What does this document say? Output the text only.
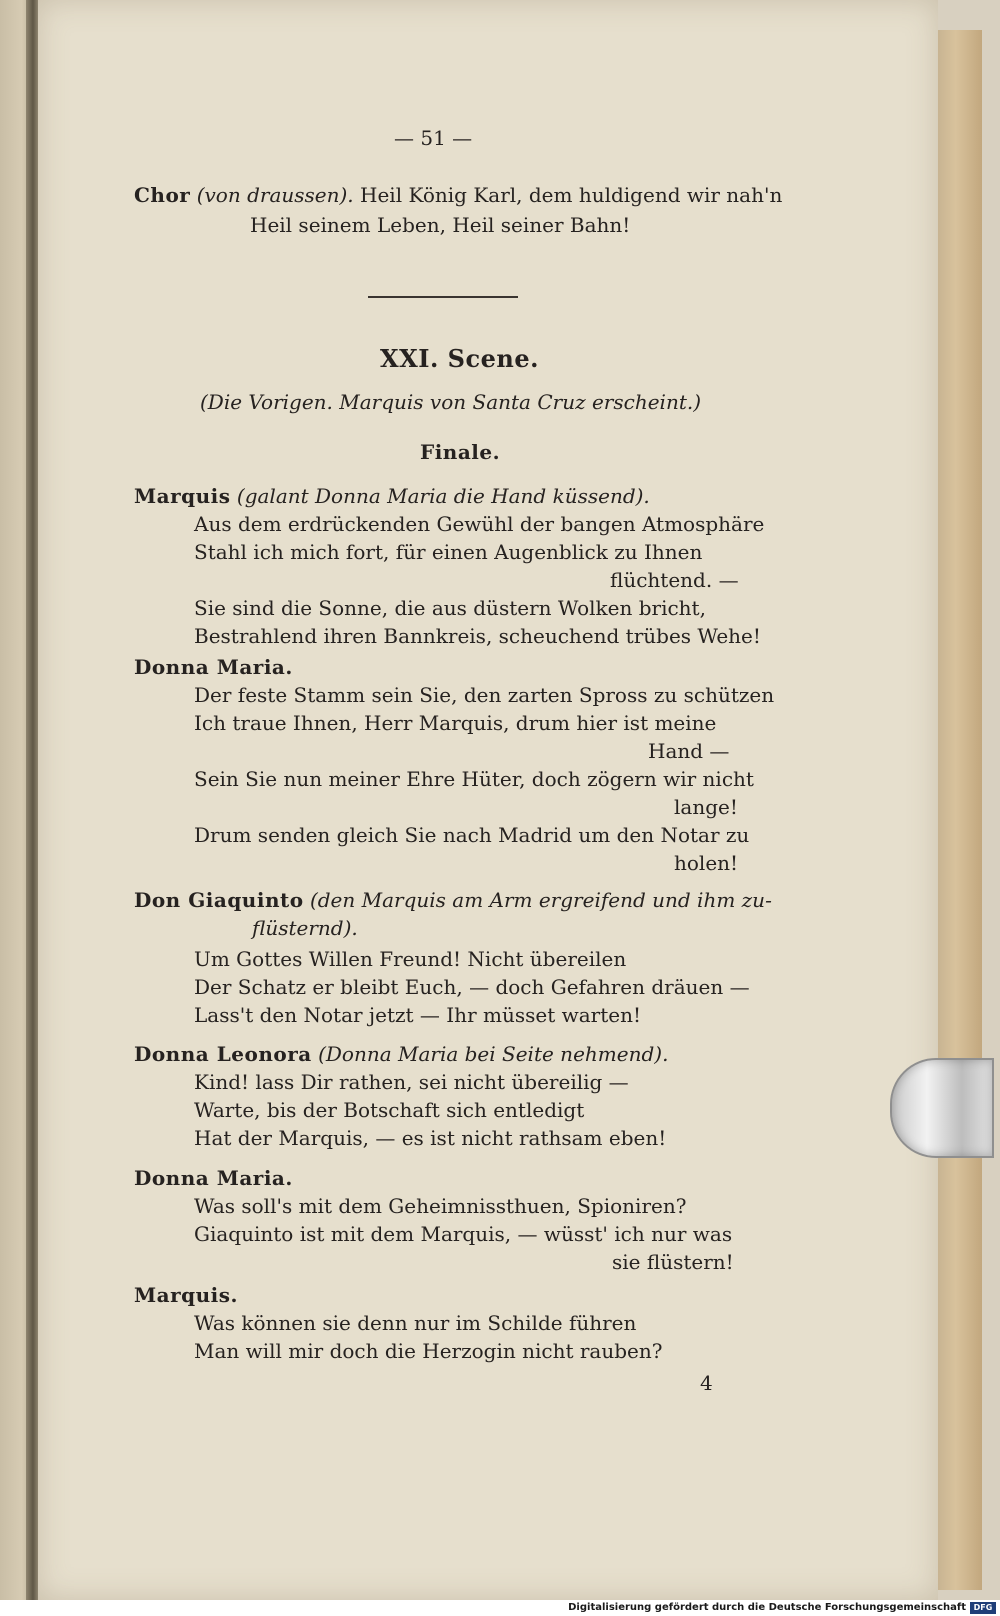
— 51 —
Chor (von draussen). Heil König Karl, dem huldigend wir nah'n
Heil seinem Leben, Heil seiner Bahn!
XXI. Scene.
(Die Vorigen. Marquis von Santa Cruz erscheint.)
Finale.
Marquis (galant Donna Maria die Hand küssend).
Aus dem erdrückenden Gewühl der bangen Atmosphäre
Stahl ich mich fort, für einen Augenblick zu Ihnen
flüchtend. —
Sie sind die Sonne, die aus düstern Wolken bricht,
Bestrahlend ihren Bannkreis, scheuchend trübes Wehe!
Donna Maria.
Der feste Stamm sein Sie, den zarten Spross zu schützen
Ich traue Ihnen, Herr Marquis, drum hier ist meine
Hand —
Sein Sie nun meiner Ehre Hüter, doch zögern wir nicht
lange!
Drum senden gleich Sie nach Madrid um den Notar zu
holen!
Don Giaquinto (den Marquis am Arm ergreifend und ihm zu-
flüsternd).
Um Gottes Willen Freund! Nicht übereilen
Der Schatz er bleibt Euch, — doch Gefahren dräuen —
Lass't den Notar jetzt — Ihr müsset warten!
Donna Leonora (Donna Maria bei Seite nehmend).
Kind! lass Dir rathen, sei nicht übereilig —
Warte, bis der Botschaft sich entledigt
Hat der Marquis, — es ist nicht rathsam eben!
Donna Maria.
Was soll's mit dem Geheimnissthuen, Spioniren?
Giaquinto ist mit dem Marquis, — wüsst' ich nur was
sie flüstern!
Marquis.
Was können sie denn nur im Schilde führen
Man will mir doch die Herzogin nicht rauben?
4
Digitalisierung gefördert durch die Deutsche Forschungsgemeinschaft DFG
